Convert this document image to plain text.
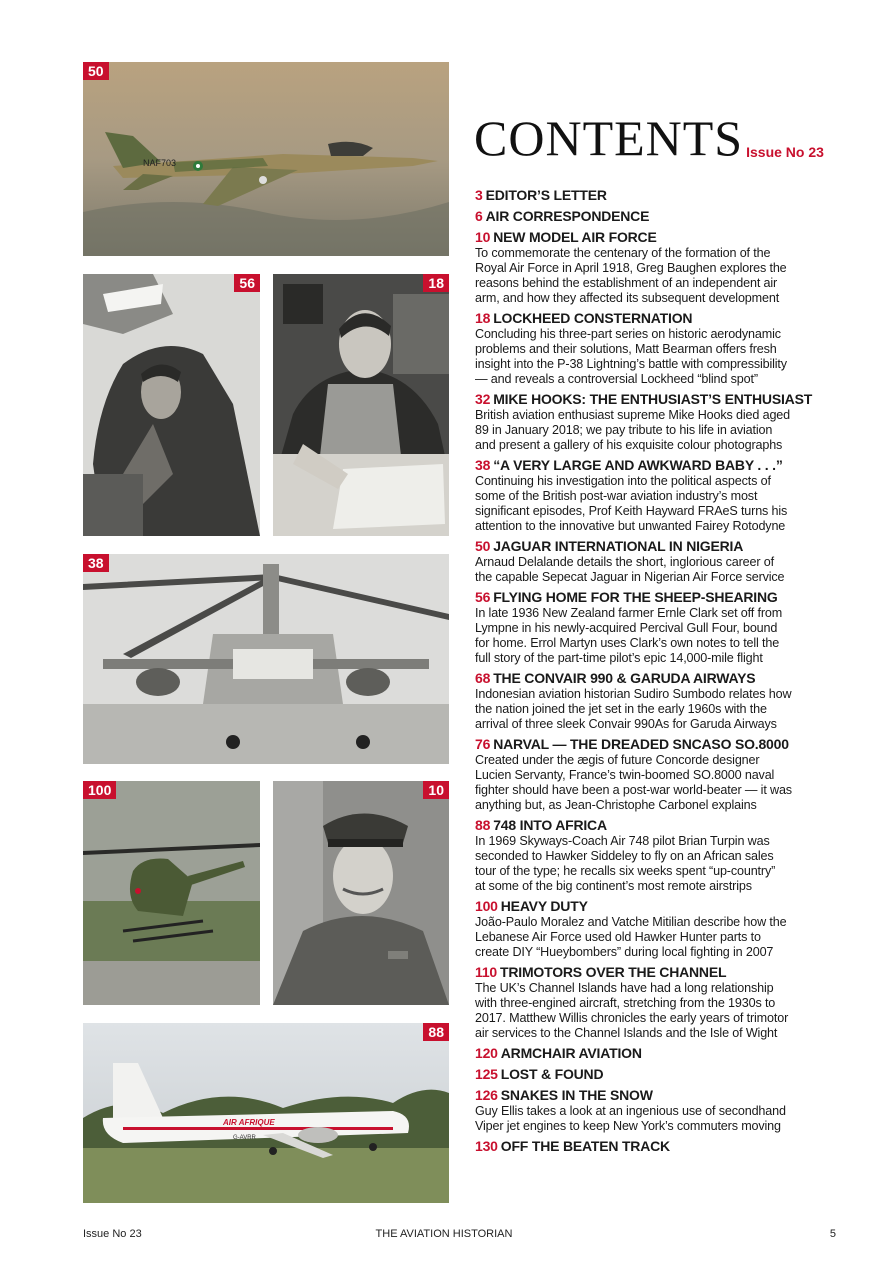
50
NAF703
56	18
38
100	10
88
AIR AFRIQUE
G-AVRR
CONTENTS Issue No 23
3 EDITOR’S LETTER
6 AIR CORRESPONDENCE
10 NEW MODEL AIR FORCE
To commemorate the centenary of the formation of the
Royal Air Force in April 1918, Greg Baughen explores the
reasons behind the establishment of an independent air
arm, and how they affected its subsequent development
18 LOCKHEED CONSTERNATION
Concluding his three-part series on historic aerodynamic
problems and their solutions, Matt Bearman offers fresh
insight into the P-38 Lightning’s battle with compressibility
— and reveals a controversial Lockheed “blind spot”
32 MIKE HOOKS: THE ENTHUSIAST’S ENTHUSIAST
British aviation enthusiast supreme Mike Hooks died aged
89 in January 2018; we pay tribute to his life in aviation
and present a gallery of his exquisite colour photographs
38 “A VERY LARGE AND AWKWARD BABY . . .”
Continuing his investigation into the political aspects of
some of the British post-war aviation industry’s most
significant episodes, Prof Keith Hayward FRAeS turns his
attention to the innovative but unwanted Fairey Rotodyne
50 JAGUAR INTERNATIONAL IN NIGERIA
Arnaud Delalande details the short, inglorious career of
the capable Sepecat Jaguar in Nigerian Air Force service
56 FLYING HOME FOR THE SHEEP-SHEARING
In late 1936 New Zealand farmer Ernle Clark set off from
Lympne in his newly-acquired Percival Gull Four, bound
for home. Errol Martyn uses Clark’s own notes to tell the
full story of the part-time pilot’s epic 14,000-mile flight
68 THE CONVAIR 990 & GARUDA AIRWAYS
Indonesian aviation historian Sudiro Sumbodo relates how
the nation joined the jet set in the early 1960s with the
arrival of three sleek Convair 990As for Garuda Airways
76 NARVAL — THE DREADED SNCASO SO.8000
Created under the ægis of future Concorde designer
Lucien Servanty, France’s twin-boomed SO.8000 naval
fighter should have been a post-war world-beater — it was
anything but, as Jean-Christophe Carbonel explains
88 748 INTO AFRICA
In 1969 Skyways-Coach Air 748 pilot Brian Turpin was
seconded to Hawker Siddeley to fly on an African sales
tour of the type; he recalls six weeks spent “up-country”
at some of the big continent’s most remote airstrips
100 HEAVY DUTY
João-Paulo Moralez and Vatche Mitilian describe how the
Lebanese Air Force used old Hawker Hunter parts to
create DIY “Hueybombers” during local fighting in 2007
110 TRIMOTORS OVER THE CHANNEL
The UK’s Channel Islands have had a long relationship
with three-engined aircraft, stretching from the 1930s to
2017. Matthew Willis chronicles the early years of trimotor
air services to the Channel Islands and the Isle of Wight
120 ARMCHAIR AVIATION
125 LOST & FOUND
126 SNAKES IN THE SNOW
Guy Ellis takes a look at an ingenious use of secondhand
Viper jet engines to keep New York’s commuters moving
130 OFF THE BEATEN TRACK
Issue No 23	THE AVIATION HISTORIAN	5
